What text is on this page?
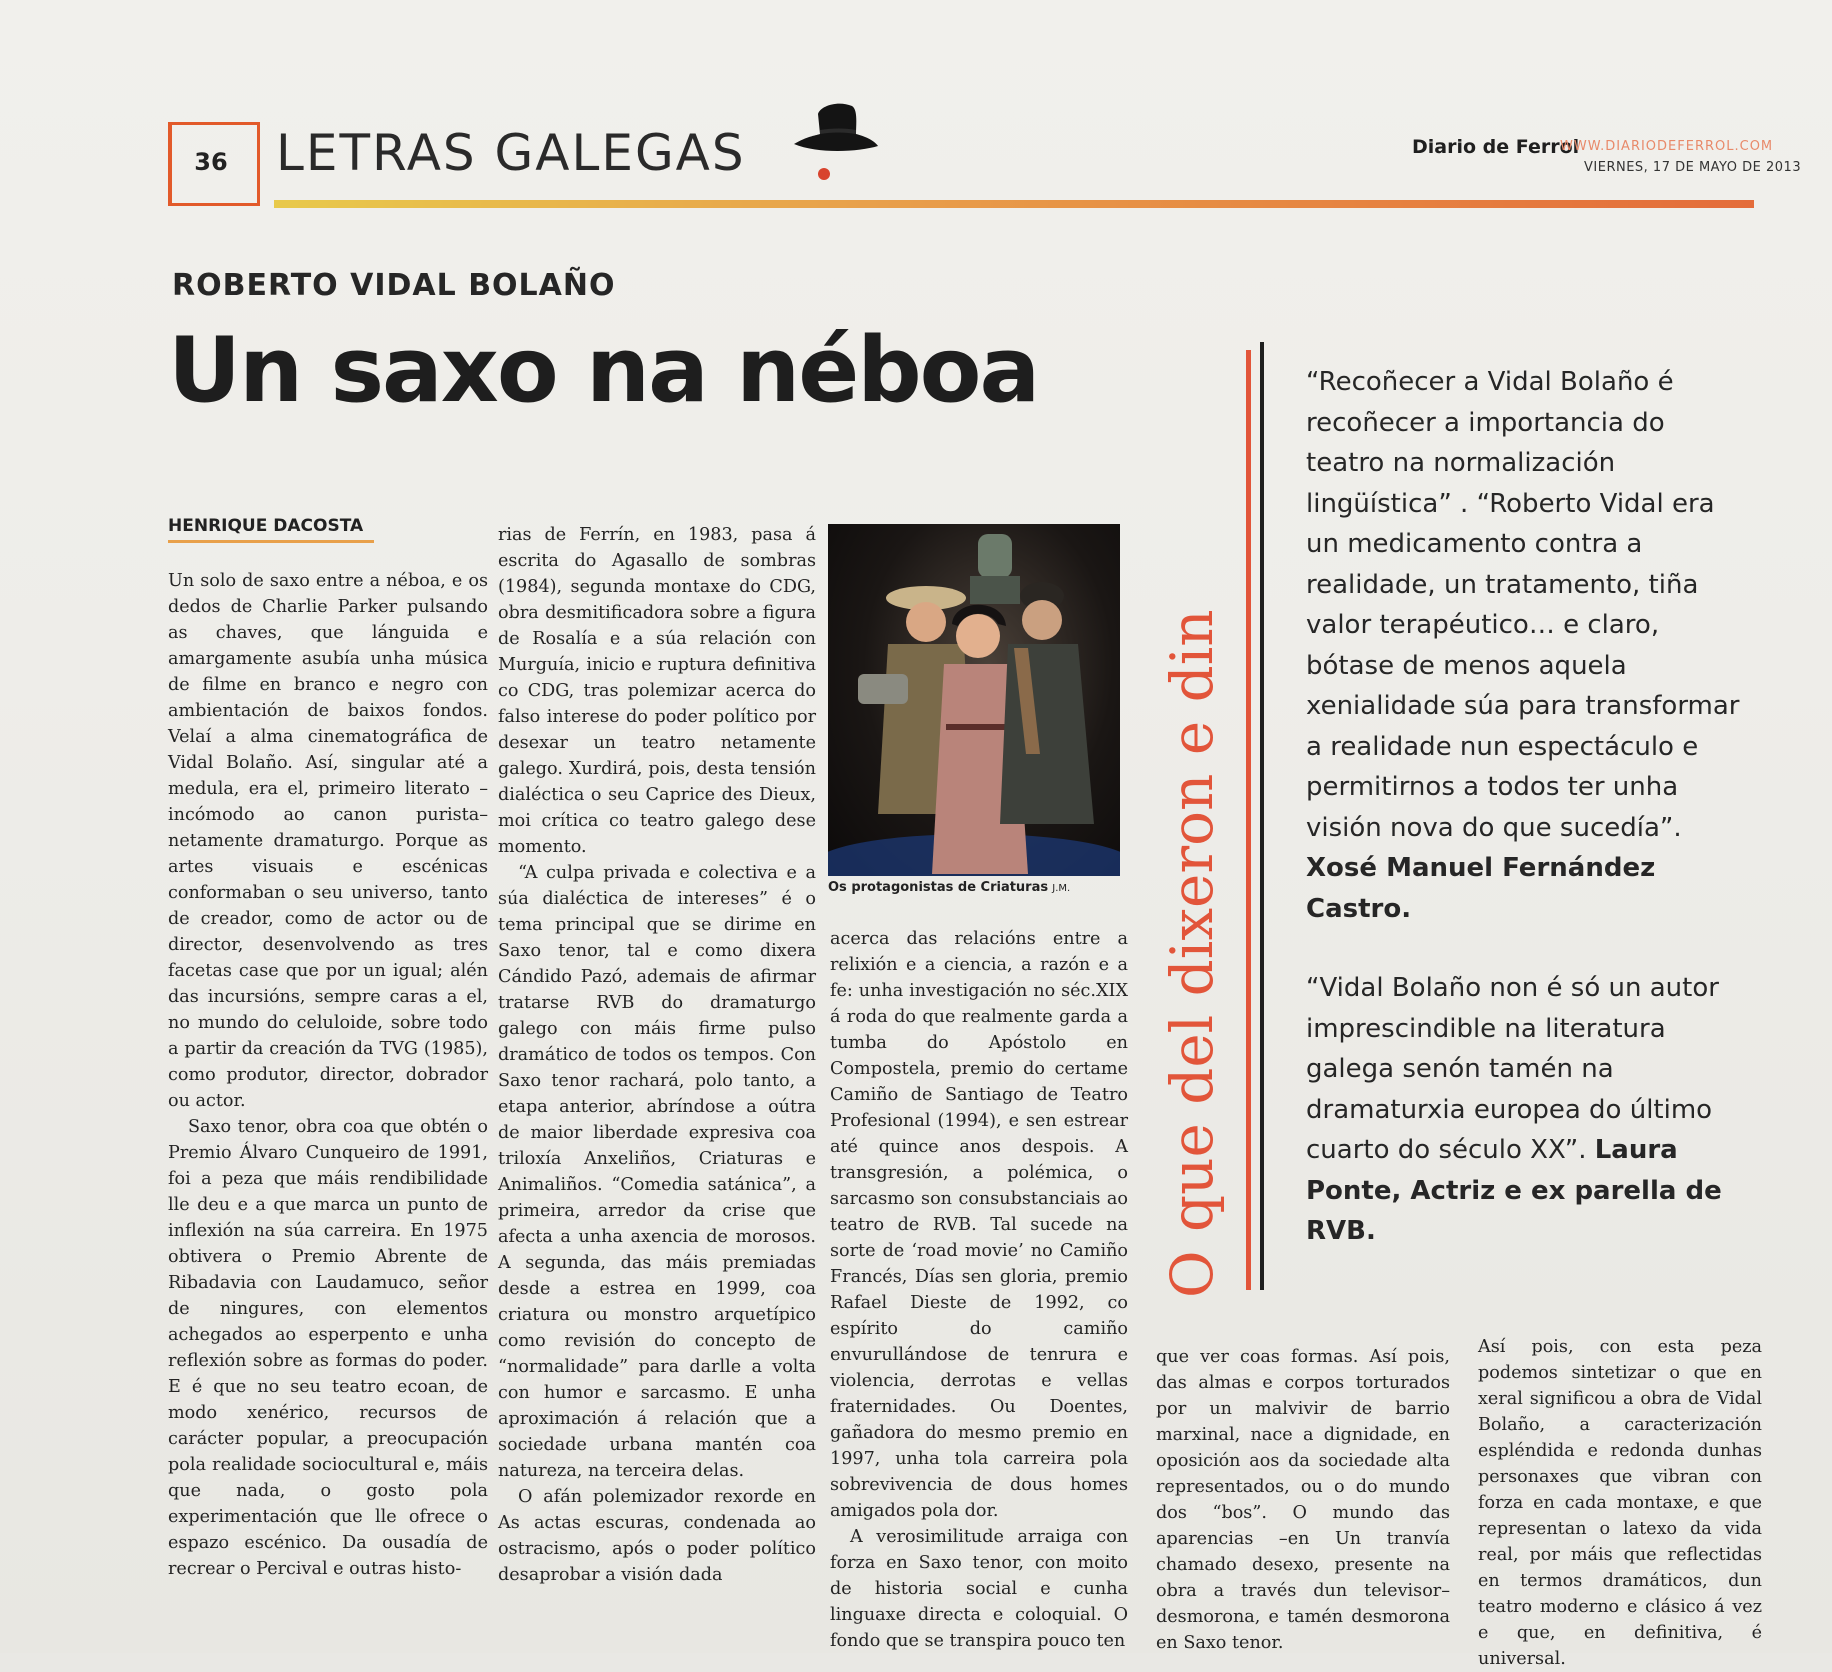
36 LETRAS GALEGAS	Diario de Ferrol
WWW.DIARIODEFERROL.COM
VIERNES, 17 DE MAYO DE 2013
ROBERTO VIDAL BOLAÑO
Un saxo na néboa
HENRIQUE DACOSTA

Un solo de saxo entre a néboa, e os dedos de Charlie Parker pulsando as chaves, que lánguida e amargamente asubía unha música de filme en branco e negro con ambientación de baixos fondos. Velaí a alma cinematográfica de Vidal Bolaño. Así, singular até a medula, era el, primeiro literato –incómodo ao canon purista– netamente dramaturgo. Porque as artes visuais e escénicas conformaban o seu universo, tanto de creador, como de actor ou de director, desenvolvendo as tres facetas case que por un igual; alén das incursións, sempre caras a el, no mundo do celuloide, sobre todo a partir da creación da TVG (1985), como produtor, director, dobrador ou actor.

Saxo tenor, obra coa que obtén o Premio Álvaro Cunqueiro de 1991, foi a peza que máis rendibilidade lle deu e a que marca un punto de inflexión na súa carreira. En 1975 obtivera o Premio Abrente de Ribadavia con Laudamuco, señor de ningures, con elementos achegados ao esperpento e unha reflexión sobre as formas do poder. E é que no seu teatro ecoan, de modo xenérico, recursos de carácter popular, a preocupación pola realidade sociocultural e, máis que nada, o gosto pola experimentación que lle ofrece o espazo escénico. Da ousadía de recrear o Percival e outras histo-

rias de Ferrín, en 1983, pasa á escrita do Agasallo de sombras (1984), segunda montaxe do CDG, obra desmitificadora sobre a figura de Rosalía e a súa relación con Murguía, inicio e ruptura definitiva co CDG, tras polemizar acerca do falso interese do poder político por desexar un teatro netamente galego. Xurdirá, pois, desta tensión dialéctica o seu Caprice des Dieux, moi crítica co teatro galego dese momento.

“A culpa privada e colectiva e a súa dialéctica de intereses” é o tema principal que se dirime en Saxo tenor, tal e como dixera Cándido Pazó, ademais de afirmar tratarse RVB do dramaturgo galego con máis firme pulso dramático de todos os tempos. Con Saxo tenor rachará, polo tanto, a etapa anterior, abríndose a oútra de maior liberdade expresiva coa triloxía Anxeliños, Criaturas e Animaliños. “Comedia satánica”, a primeira, arredor da crise que afecta a unha axencia de morosos. A segunda, das máis premiadas desde a estrea en 1999, coa criatura ou monstro arquetípico como revisión do concepto de “normalidade” para darlle a volta con humor e sarcasmo. E unha aproximación á relación que a sociedade urbana mantén coa natureza, na terceira delas.

O afán polemizador rexorde en As actas escuras, condenada ao ostracismo, após o poder político desaprobar a visión dada

acerca das relacións entre a relixión e a ciencia, a razón e a fe: unha investigación no séc.XIX á roda do que realmente garda a tumba do Apóstolo en Compostela, premio do certame Camiño de Santiago de Teatro Profesional (1994), e sen estrear até quince anos despois. A transgresión, a polémica, o sarcasmo son consubstanciais ao teatro de RVB. Tal sucede na sorte de ‘road movie’ no Camiño Francés, Días sen gloria, premio Rafael Dieste de 1992, co espírito do camiño envurullándose de tenrura e violencia, derrotas e vellas fraternidades. Ou Doentes, gañadora do mesmo premio en 1997, unha tola carreira pola sobrevivencia de dous homes amigados pola dor.

A verosimilitude arraiga con forza en Saxo tenor, con moito de historia social e cunha linguaxe directa e coloquial. O fondo que se transpira pouco ten

que ver coas formas. Así pois, das almas e corpos torturados por un malvivir de barrio marxinal, nace a dignidade, en oposición aos da sociedade alta representados, ou o do mundo dos “bos”. O mundo das aparencias –en Un tranvía chamado desexo, presente na obra a través dun televisor– desmorona, e tamén desmorona en Saxo tenor.

Así pois, con esta peza podemos sintetizar o que en xeral significou a obra de Vidal Bolaño, a caracterización espléndida e redonda dunhas personaxes que vibran con forza en cada montaxe, e que representan o latexo da vida real, por máis que reflectidas en termos dramáticos, dun teatro moderno e clásico á vez e que, en definitiva, é universal.

Os protagonistas de Criaturas J.M.	O que del dixeron e din
“Recoñecer a Vidal Bolaño é recoñecer a importancia do teatro na normalización lingüística” . “Roberto Vidal era un medicamento contra a realidade, un tratamento, tiña valor terapéutico… e claro, bótase de menos aquela xenialidade súa para transformar a realidade nun espectáculo e permitirnos a todos ter unha visión nova do que sucedía”. Xosé Manuel Fernández Castro.
“Vidal Bolaño non é só un autor imprescindible na literatura galega senón tamén na dramaturxia europea do último cuarto do século XX”. Laura Ponte, Actriz e ex parella de RVB.
